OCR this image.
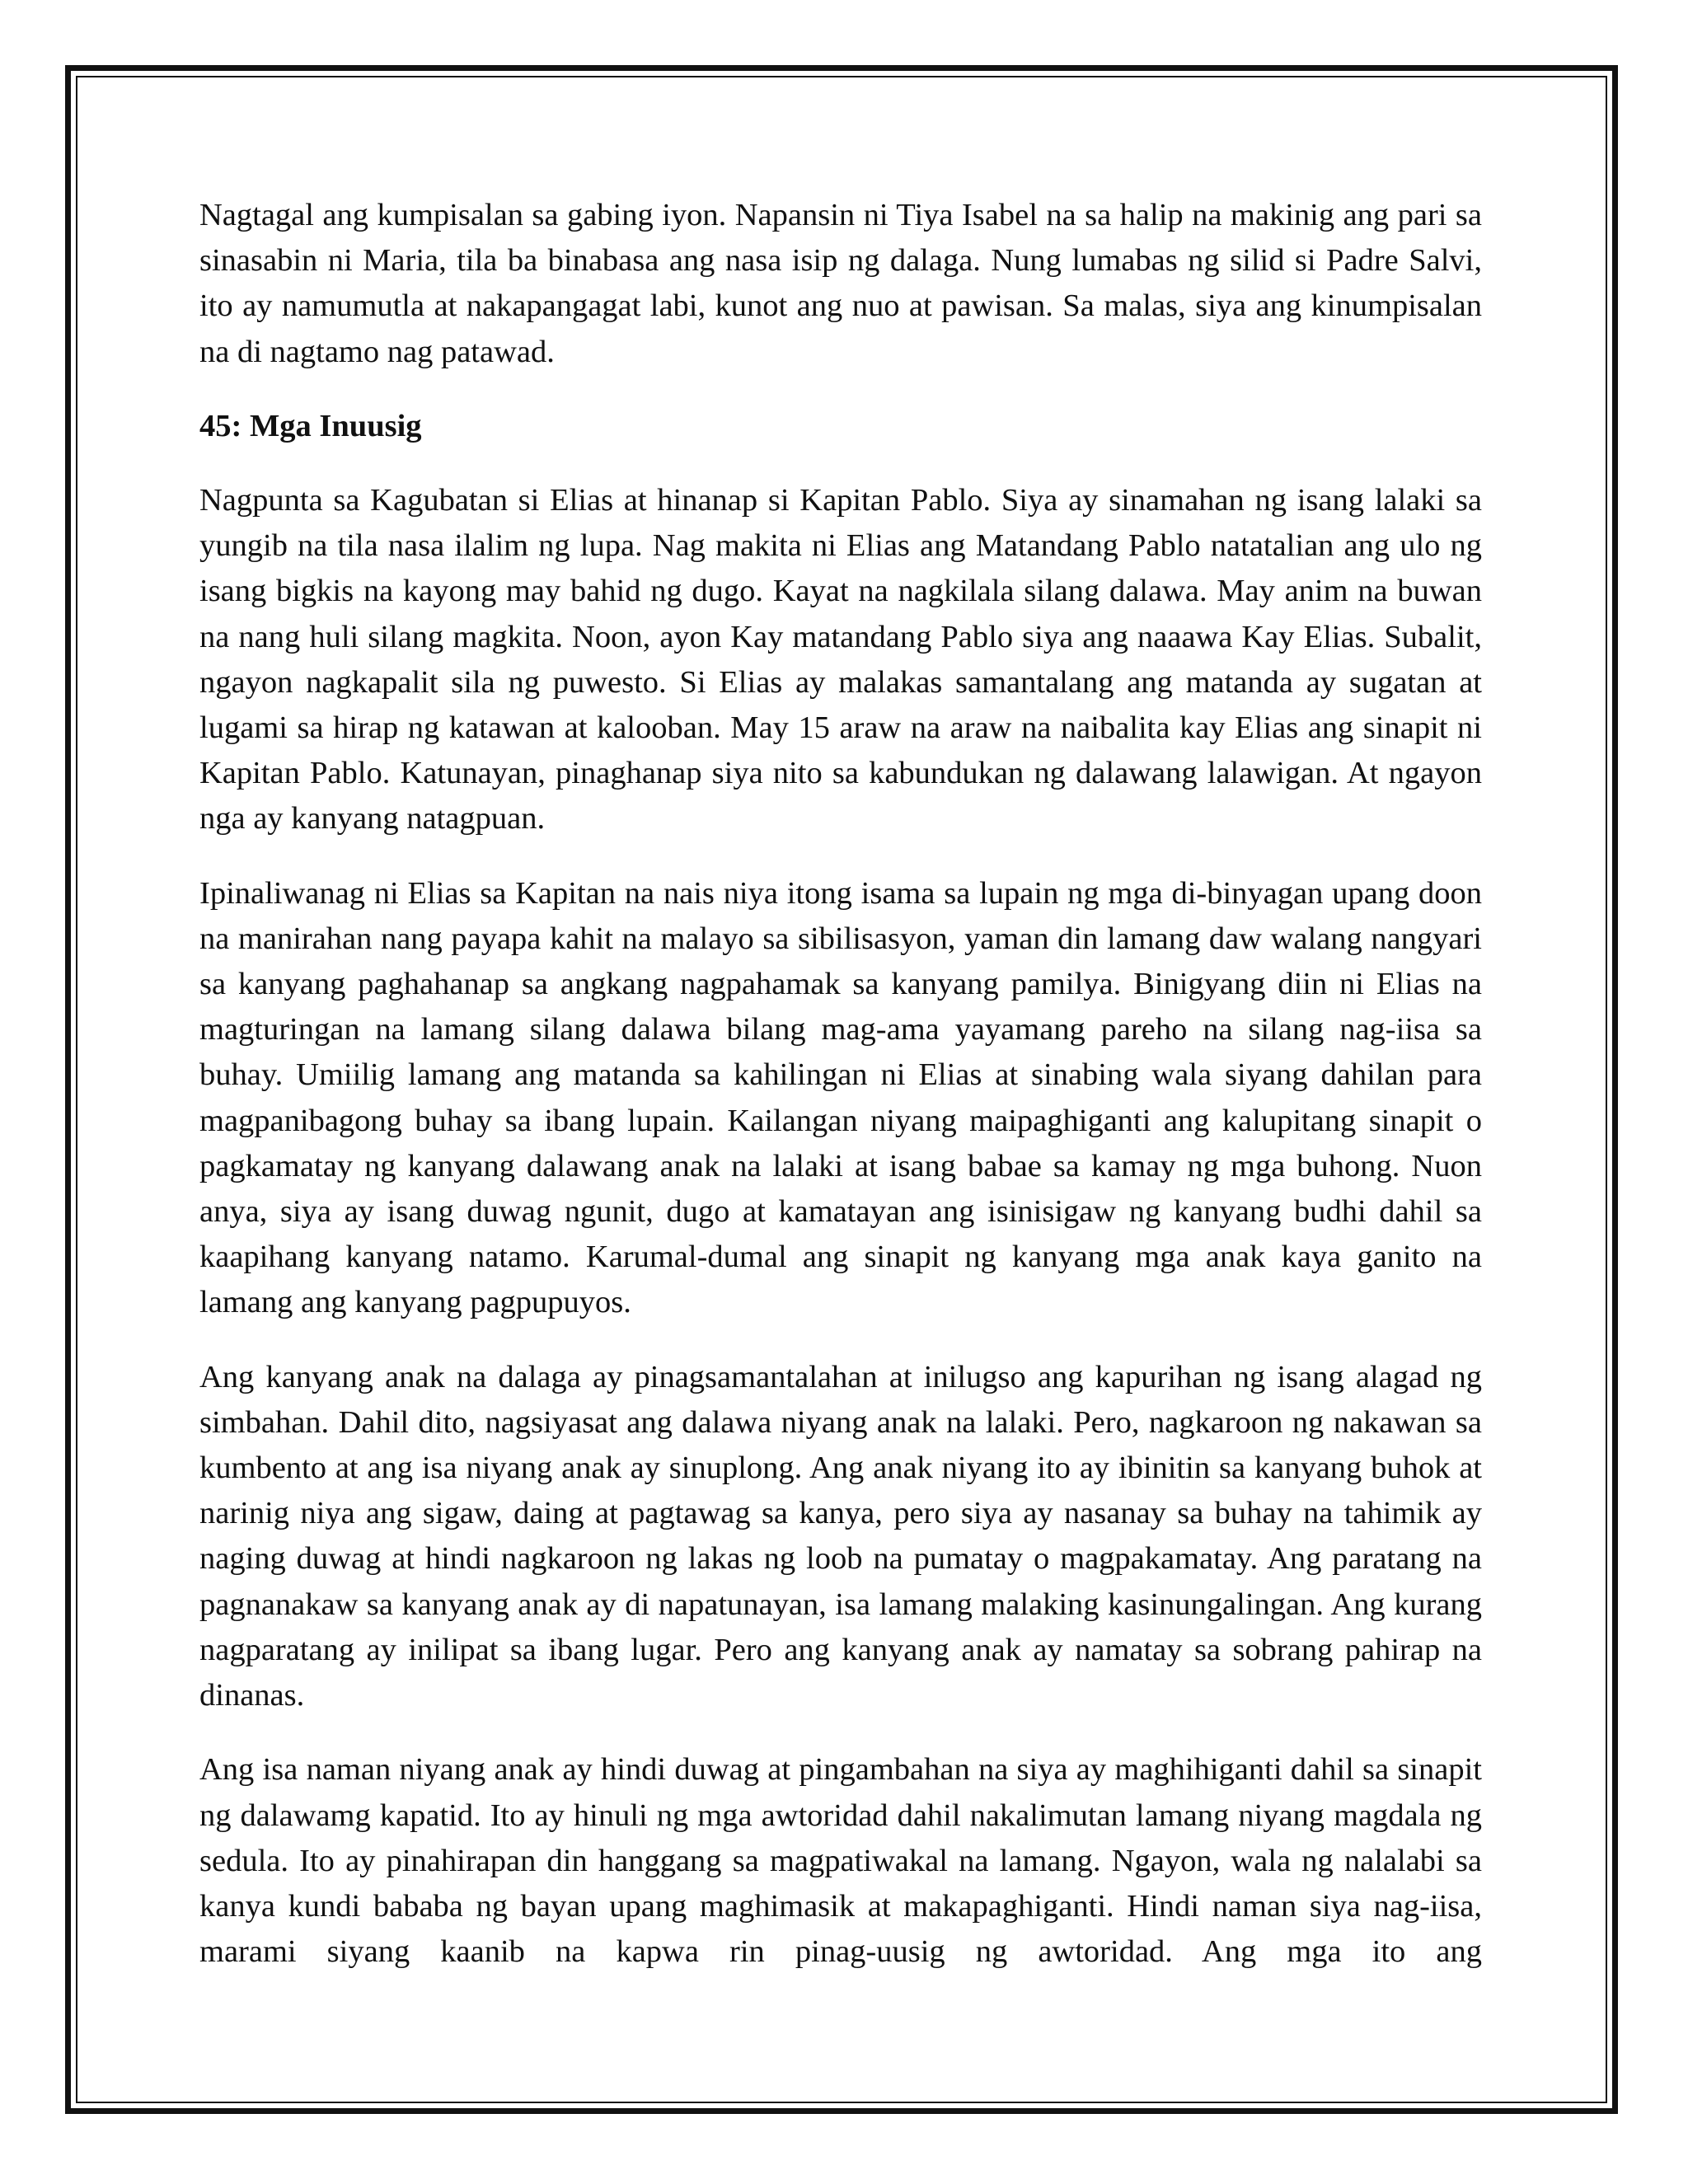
Nagtagal ang kumpisalan sa gabing iyon. Napansin ni Tiya Isabel na sa halip na makinig ang pari sa sinasabin ni Maria, tila ba binabasa ang nasa isip ng dalaga. Nung lumabas ng silid si Padre Salvi, ito ay namumutla at nakapangagat labi, kunot ang nuo at pawisan. Sa malas, siya ang kinumpisalan na di nagtamo nag patawad.

45: Mga Inuusig

Nagpunta sa Kagubatan si Elias at hinanap si Kapitan Pablo. Siya ay sinamahan ng isang lalaki sa yungib na tila nasa ilalim ng lupa. Nag makita ni Elias ang Matandang Pablo natatalian ang ulo ng isang bigkis na kayong may bahid ng dugo. Kayat na nagkilala silang dalawa. May anim na buwan na nang huli silang magkita. Noon, ayon Kay matandang Pablo siya ang naaawa Kay Elias. Subalit, ngayon nagkapalit sila ng puwesto. Si Elias ay malakas samantalang ang matanda ay sugatan at lugami sa hirap ng katawan at kalooban. May 15 araw na araw na naibalita kay Elias ang sinapit ni Kapitan Pablo. Katunayan, pinaghanap siya nito sa kabundukan ng dalawang lalawigan. At ngayon nga ay kanyang natagpuan.

Ipinaliwanag ni Elias sa Kapitan na nais niya itong isama sa lupain ng mga di-binyagan upang doon na manirahan nang payapa kahit na malayo sa sibilisasyon, yaman din lamang daw walang nangyari sa kanyang paghahanap sa angkang nagpahamak sa kanyang pamilya. Binigyang diin ni Elias na magturingan na lamang silang dalawa bilang mag-ama yayamang pareho na silang nag-iisa sa buhay. Umiilig lamang ang matanda sa kahilingan ni Elias at sinabing wala siyang dahilan para magpanibagong buhay sa ibang lupain. Kailangan niyang maipaghiganti ang kalupitang sinapit o pagkamatay ng kanyang dalawang anak na lalaki at isang babae sa kamay ng mga buhong. Nuon anya, siya ay isang duwag ngunit, dugo at kamatayan ang isinisigaw ng kanyang budhi dahil sa kaapihang kanyang natamo. Karumal-dumal ang sinapit ng kanyang mga anak kaya ganito na lamang ang kanyang pagpupuyos.

Ang kanyang anak na dalaga ay pinagsamantalahan at inilugso ang kapurihan ng isang alagad ng simbahan. Dahil dito, nagsiyasat ang dalawa niyang anak na lalaki. Pero, nagkaroon ng nakawan sa kumbento at ang isa niyang anak ay sinuplong. Ang anak niyang ito ay ibinitin sa kanyang buhok at narinig niya ang sigaw, daing at pagtawag sa kanya, pero siya ay nasanay sa buhay na tahimik ay naging duwag at hindi nagkaroon ng lakas ng loob na pumatay o magpakamatay. Ang paratang na pagnanakaw sa kanyang anak ay di napatunayan, isa lamang malaking kasinungalingan. Ang kurang nagparatang ay inilipat sa ibang lugar. Pero ang kanyang anak ay namatay sa sobrang pahirap na dinanas.

Ang isa naman niyang anak ay hindi duwag at pingambahan na siya ay maghihiganti dahil sa sinapit ng dalawamg kapatid. Ito ay hinuli ng mga awtoridad dahil nakalimutan lamang niyang magdala ng sedula. Ito ay pinahirapan din hanggang sa magpatiwakal na lamang. Ngayon, wala ng nalalabi sa kanya kundi bababa ng bayan upang maghimasik at makapaghiganti. Hindi naman siya nag-iisa, marami siyang kaanib na kapwa rin pinag-uusig ng awtoridad. Ang mga ito ang
